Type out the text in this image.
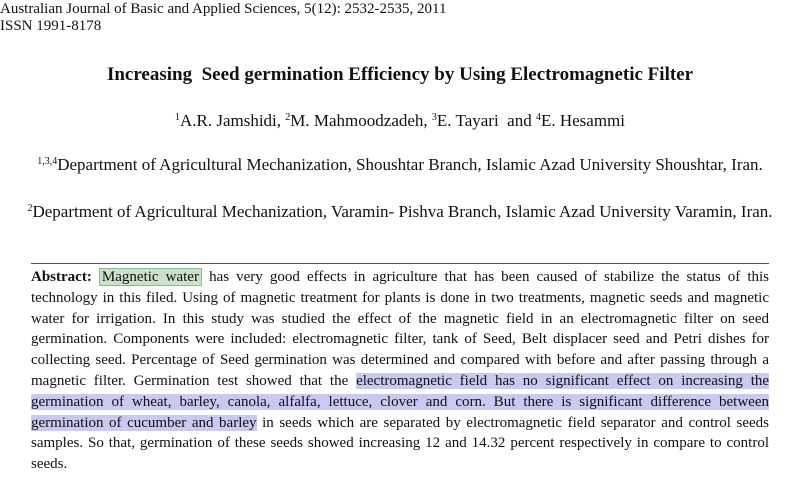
Australian Journal of Basic and Applied Sciences, 5(12): 2532-2535, 2011
ISSN 1991-8178
Increasing  Seed germination Efficiency by Using Electromagnetic Filter
$^1$A.R. Jamshidi, $^2$M. Mahmoodzadeh, $^3$E. Tayari  and $^4$E. Hesammi
$^{1,3,4}$Department of Agricultural Mechanization, Shoushtar Branch, Islamic Azad University Shoushtar, Iran.
$^2$Department of Agricultural Mechanization, Varamin- Pishva Branch, Islamic Azad University Varamin, Iran.
Abstract: Magnetic water has very good effects in agriculture that has been caused of stabilize the status of this technology in this filed. Using of magnetic treatment for plants is done in two treatments, magnetic seeds and magnetic water for irrigation. In this study was studied the effect of the magnetic field in an electromagnetic filter on seed germination. Components were included: electromagnetic filter, tank of Seed, Belt displacer seed and Petri dishes for collecting seed. Percentage of Seed germination was determined and compared with before and after passing through a magnetic filter. Germination test showed that the electromagnetic field has no significant effect on increasing the germination of wheat, barley, canola, alfalfa, lettuce, clover and corn. But there is significant difference between germination of cucumber and barley in seeds which are separated by electromagnetic field separator and control seeds samples. So that, germination of these seeds showed increasing 12 and 14.32 percent respectively in compare to control seeds.
